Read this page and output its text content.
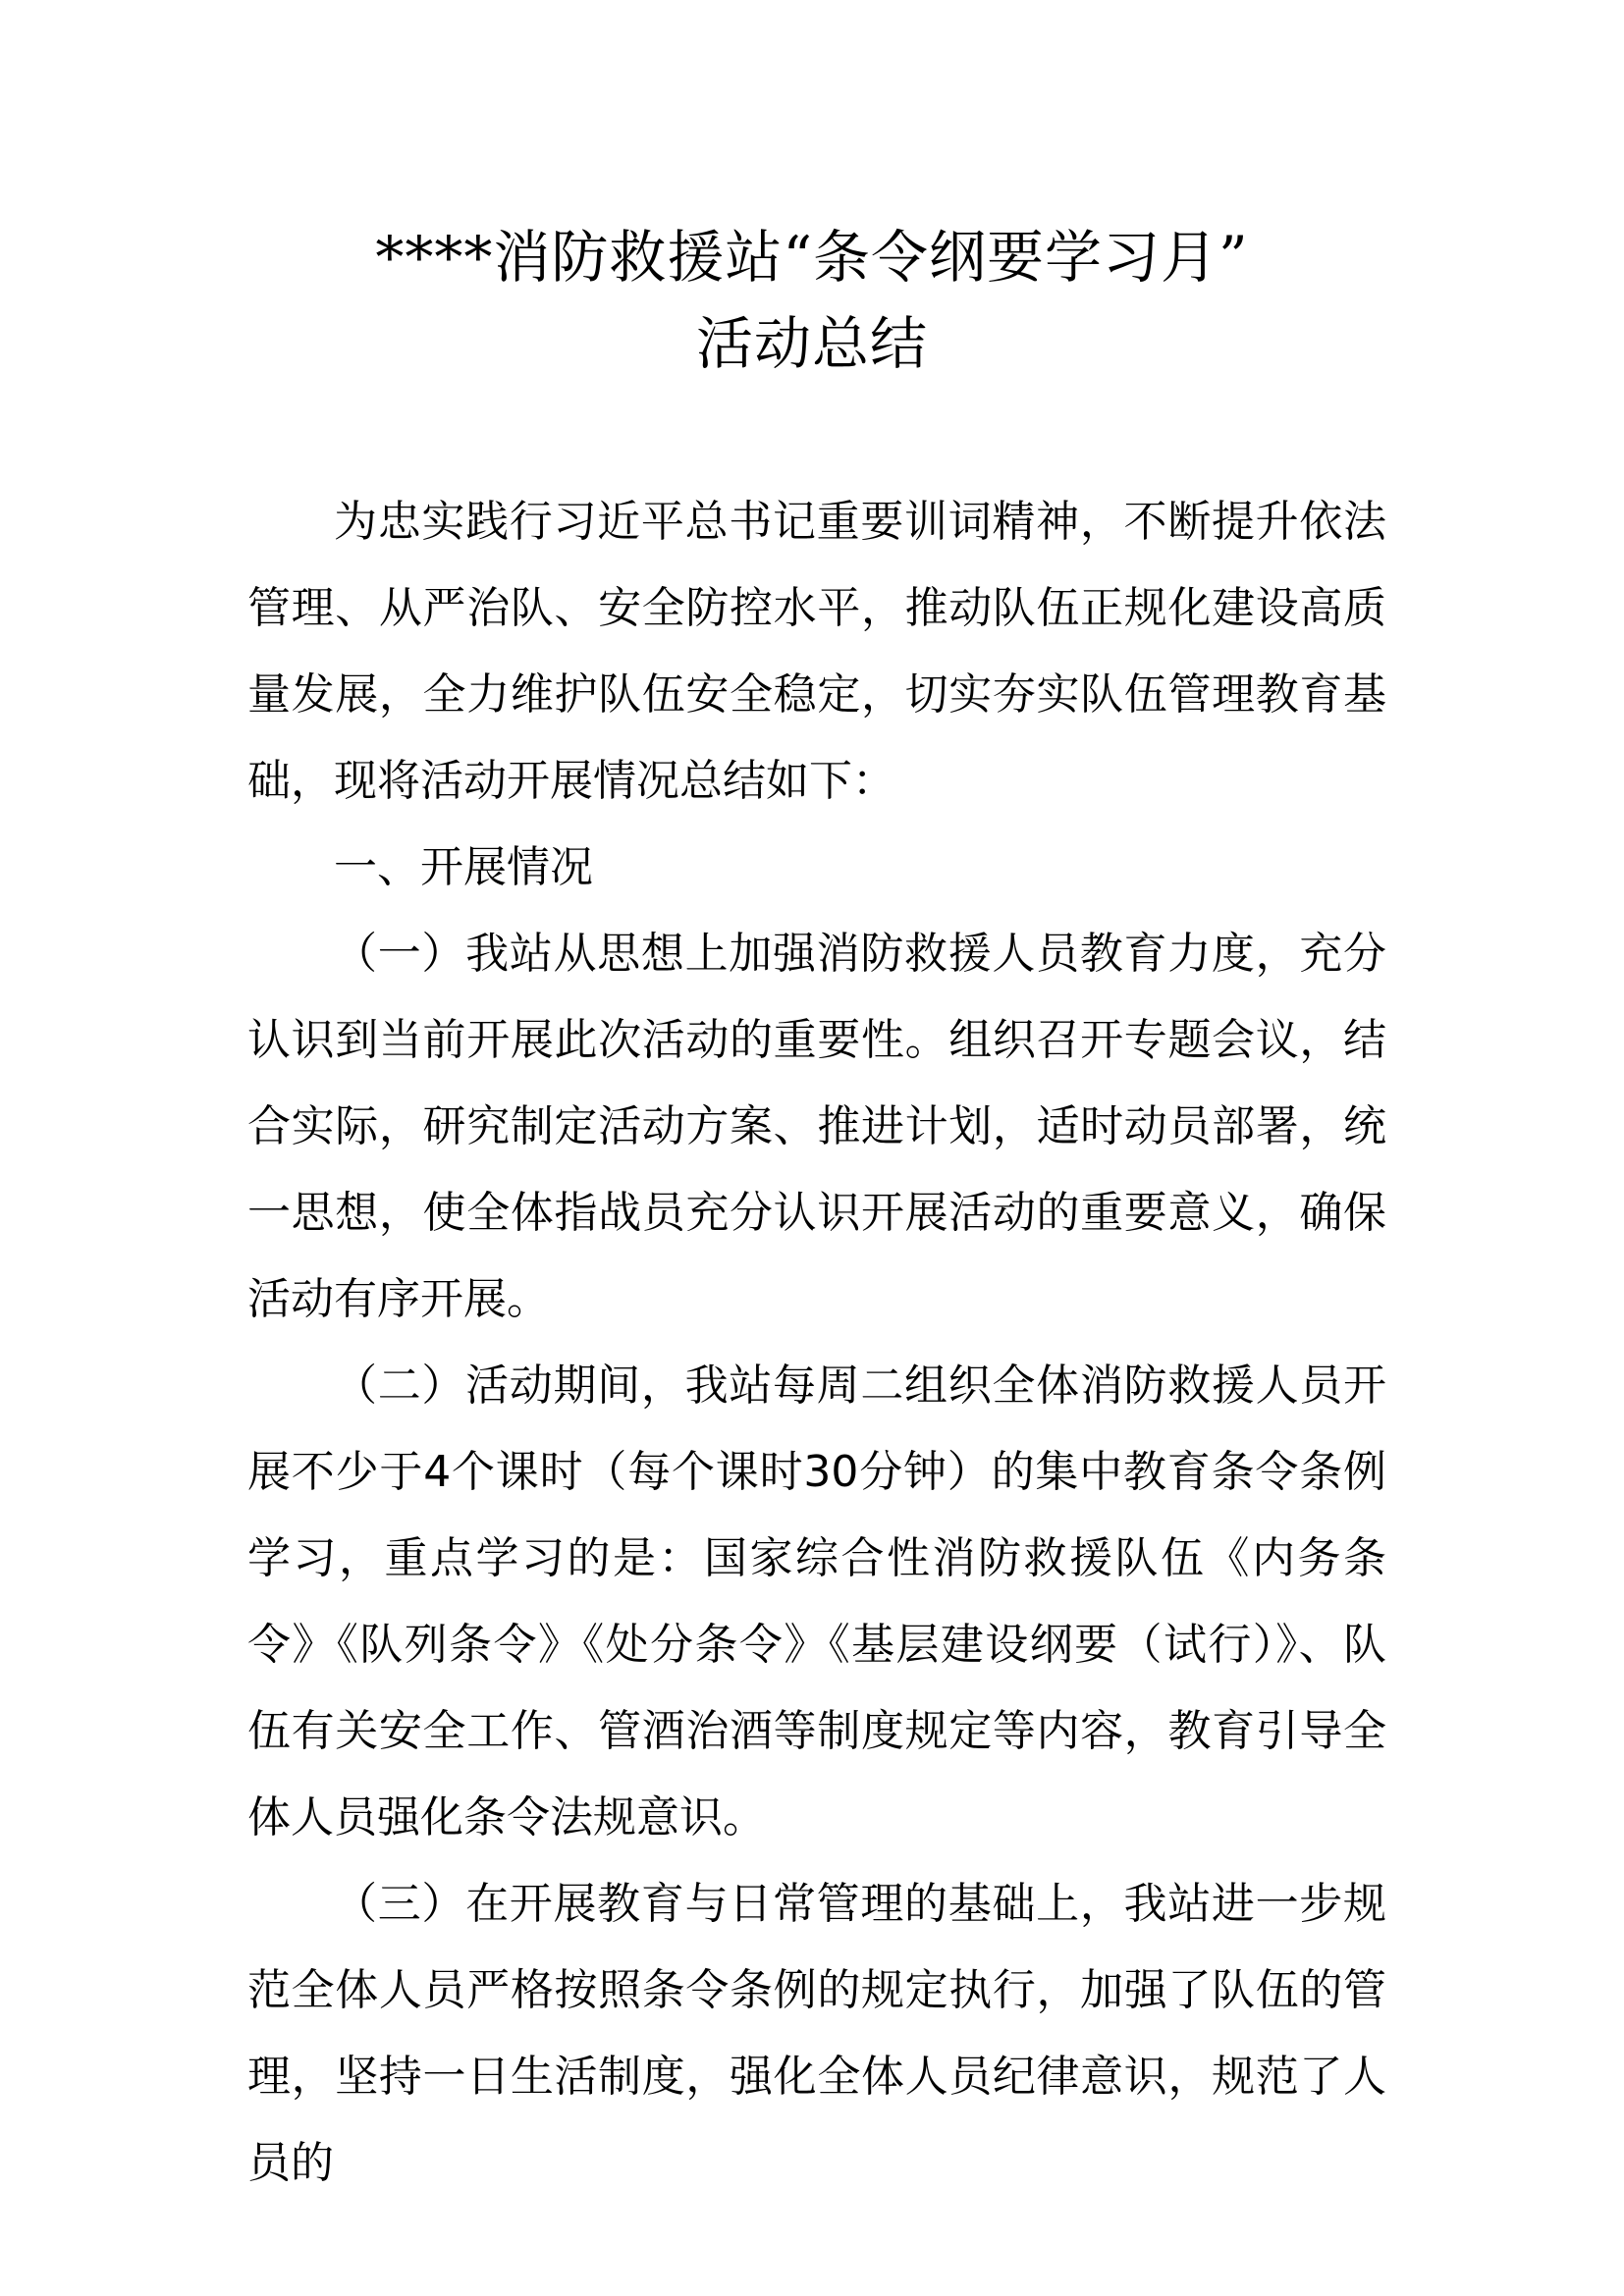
****消防救援站“条令纲要学习月”
活动总结

为忠实践行习近平总书记重要训词精神，不断提升依法管理、从严治队、安全防控水平，推动队伍正规化建设高质量发展，全力维护队伍安全稳定，切实夯实队伍管理教育基础，现将活动开展情况总结如下：

一、开展情况

（一）我站从思想上加强消防救援人员教育力度，充分认识到当前开展此次活动的重要性。组织召开专题会议，结合实际，研究制定活动方案、推进计划，适时动员部署，统一思想，使全体指战员充分认识开展活动的重要意义，确保活动有序开展。

（二）活动期间，我站每周二组织全体消防救援人员开展不少于4个课时（每个课时30分钟）的集中教育条令条例学习，重点学习的是：国家综合性消防救援队伍《内务条令》《队列条令》《处分条令》《基层建设纲要（试行）》、队伍有关安全工作、管酒治酒等制度规定等内容，教育引导全体人员强化条令法规意识。

（三）在开展教育与日常管理的基础上，我站进一步规范全体人员严格按照条令条例的规定执行，加强了队伍的管理，坚持一日生活制度，强化全体人员纪律意识，规范了人员的
